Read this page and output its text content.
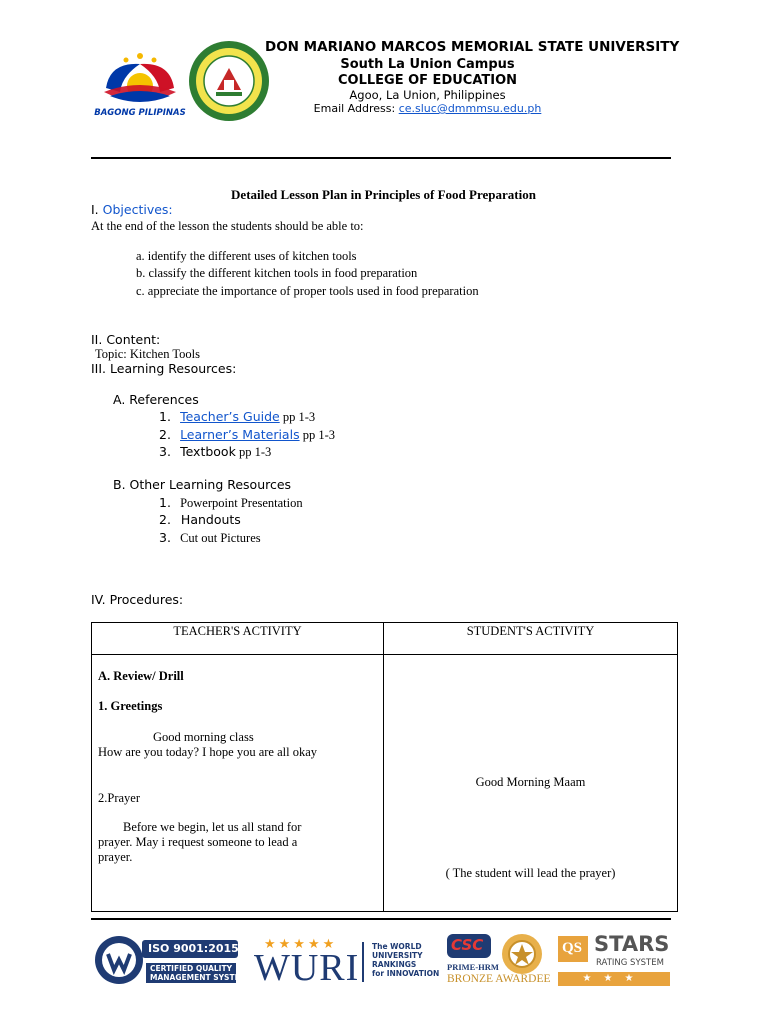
BAGONG PILIPINAS
DON MARIANO MARCOS MEMORIAL STATE UNIVERSITY
South La Union Campus
COLLEGE OF EDUCATION
Agoo, La Union, Philippines
Email Address: ce.sluc@dmmmsu.edu.ph
Detailed Lesson Plan in Principles of Food Preparation
I. Objectives:
At the end of the lesson the students should be able to:
a. identify the different uses of kitchen tools
b. classify the different kitchen tools in food preparation
c. appreciate the importance of proper tools used in food preparation
II. Content:
Topic: Kitchen Tools
III. Learning Resources:
A. References
1. Teacher’s Guide pp 1-3
2. Learner’s Materials pp 1-3
3. Textbook pp 1-3
B. Other Learning Resources
1. Powerpoint Presentation
2. Handouts
3. Cut out Pictures
IV. Procedures:
TEACHER'S ACTIVITY	STUDENT'S ACTIVITY
A. Review/ Drill
1. Greetings
Good morning class
How are you today? I hope you are all okay
2.Prayer
Before we begin, let us all stand for
prayer. May i request someone to lead a
prayer.
Good Morning Maam
( The student will lead the prayer)
ISO 9001:2015
CERTIFIED QUALITY
MANAGEMENT SYSTEM
★★★★★
WURI
The WORLD
UNIVERSITY
RANKINGS
for INNOVATION
CSC
PRIME-HRM
BRONZE AWARDEE
QS STARS
RATING SYSTEM
★★★
